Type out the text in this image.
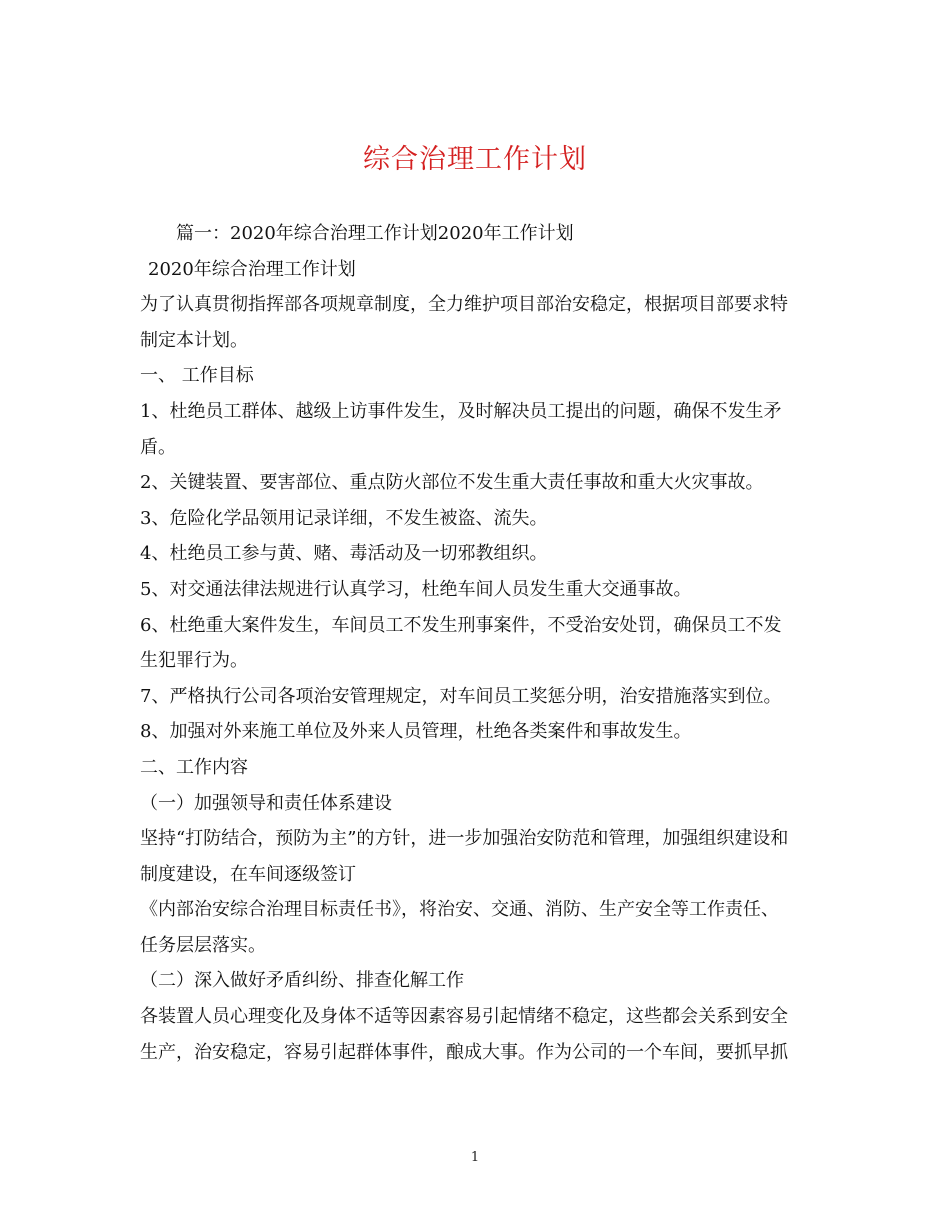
综合治理工作计划
篇一：2020年综合治理工作计划2020年工作计划
2020年综合治理工作计划
为了认真贯彻指挥部各项规章制度，全力维护项目部治安稳定，根据项目部要求特
制定本计划。
一、 工作目标
1、杜绝员工群体、越级上访事件发生，及时解决员工提出的问题，确保不发生矛
盾。
2、关键装置、要害部位、重点防火部位不发生重大责任事故和重大火灾事故。
3、危险化学品领用记录详细，不发生被盗、流失。
4、杜绝员工参与黄、赌、毒活动及一切邪教组织。
5、对交通法律法规进行认真学习，杜绝车间人员发生重大交通事故。
6、杜绝重大案件发生，车间员工不发生刑事案件，不受治安处罚，确保员工不发
生犯罪行为。
7、严格执行公司各项治安管理规定，对车间员工奖惩分明，治安措施落实到位。
8、加强对外来施工单位及外来人员管理，杜绝各类案件和事故发生。
二、工作内容
（一）加强领导和责任体系建设
坚持“打防结合，预防为主”的方针，进一步加强治安防范和管理，加强组织建设和
制度建设，在车间逐级签订
《内部治安综合治理目标责任书》，将治安、交通、消防、生产安全等工作责任、
任务层层落实。
（二）深入做好矛盾纠纷、排查化解工作
各装置人员心理变化及身体不适等因素容易引起情绪不稳定，这些都会关系到安全
生产，治安稳定，容易引起群体事件，酿成大事。作为公司的一个车间，要抓早抓
1
